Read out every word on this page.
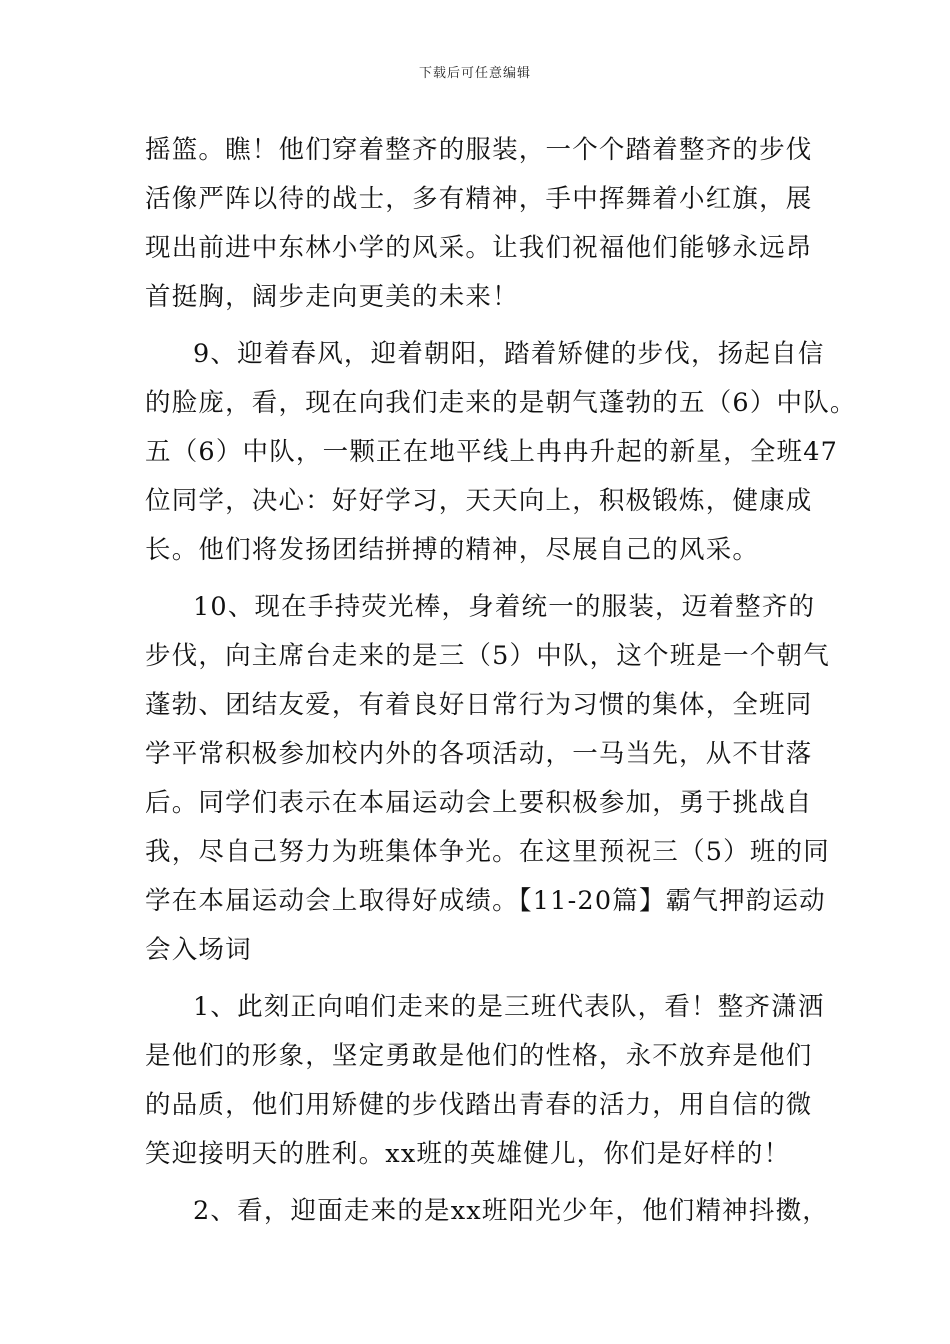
下载后可任意编辑
摇篮。瞧！他们穿着整齐的服装，一个个踏着整齐的步伐
活像严阵以待的战士，多有精神，手中挥舞着小红旗，展
现出前进中东林小学的风采。让我们祝福他们能够永远昂
首挺胸，阔步走向更美的未来！
9、迎着春风，迎着朝阳，踏着矫健的步伐，扬起自信
的脸庞，看，现在向我们走来的是朝气蓬勃的五（6）中队。
五（6）中队，一颗正在地平线上冉冉升起的新星，全班47
位同学，决心：好好学习，天天向上，积极锻炼，健康成
长。他们将发扬团结拼搏的精神，尽展自己的风采。
10、现在手持荧光棒，身着统一的服装，迈着整齐的
步伐，向主席台走来的是三（5）中队，这个班是一个朝气
蓬勃、团结友爱，有着良好日常行为习惯的集体，全班同
学平常积极参加校内外的各项活动，一马当先，从不甘落
后。同学们表示在本届运动会上要积极参加，勇于挑战自
我，尽自己努力为班集体争光。在这里预祝三（5）班的同
学在本届运动会上取得好成绩。【11-20篇】霸气押韵运动
会入场词
1、此刻正向咱们走来的是三班代表队，看！整齐潇洒
是他们的形象，坚定勇敢是他们的性格，永不放弃是他们
的品质，他们用矫健的步伐踏出青春的活力，用自信的微
笑迎接明天的胜利。xx班的英雄健儿，你们是好样的！
2、看，迎面走来的是xx班阳光少年，他们精神抖擞，
